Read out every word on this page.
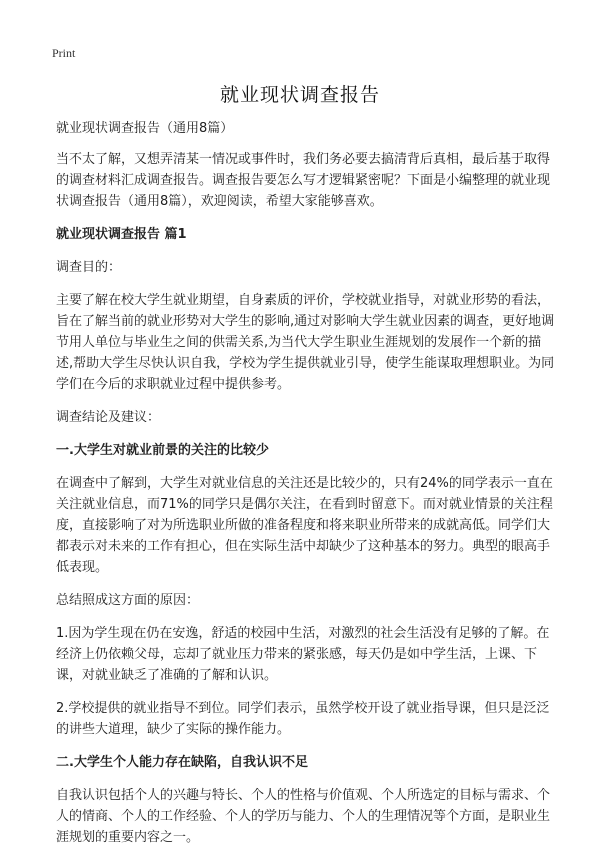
Print
就业现状调查报告

就业现状调查报告（通用8篇）

当不太了解，又想弄清某一情况或事件时，我们务必要去搞清背后真相，最后基于取得的调查材料汇成调查报告。调查报告要怎么写才逻辑紧密呢？下面是小编整理的就业现状调查报告（通用8篇），欢迎阅读，希望大家能够喜欢。

就业现状调查报告 篇1

调查目的：

主要了解在校大学生就业期望，自身素质的评价，学校就业指导，对就业形势的看法，旨在了解当前的就业形势对大学生的影响,通过对影响大学生就业因素的调查，更好地调节用人单位与毕业生之间的供需关系,为当代大学生职业生涯规划的发展作一个新的描述,帮助大学生尽快认识自我，学校为学生提供就业引导，使学生能谋取理想职业。为同学们在今后的求职就业过程中提供参考。

调查结论及建议：

一.大学生对就业前景的关注的比较少

在调查中了解到，大学生对就业信息的关注还是比较少的，只有24%的同学表示一直在关注就业信息，而71%的同学只是偶尔关注，在看到时留意下。而对就业情景的关注程度，直接影响了对为所选职业所做的准备程度和将来职业所带来的成就高低。同学们大都表示对未来的工作有担心，但在实际生活中却缺少了这种基本的努力。典型的眼高手低表现。

总结照成这方面的原因：

1.因为学生现在仍在安逸，舒适的校园中生活，对激烈的社会生活没有足够的了解。在经济上仍依赖父母，忘却了就业压力带来的紧张感，每天仍是如中学生活，上课、下课，对就业缺乏了准确的了解和认识。

2.学校提供的就业指导不到位。同学们表示，虽然学校开设了就业指导课，但只是泛泛的讲些大道理，缺少了实际的操作能力。

二.大学生个人能力存在缺陷，自我认识不足

自我认识包括个人的兴趣与特长、个人的性格与价值观、个人所选定的目标与需求、个人的情商、个人的工作经验、个人的学历与能力、个人的生理情况等个方面，是职业生涯规划的重要内容之一。
